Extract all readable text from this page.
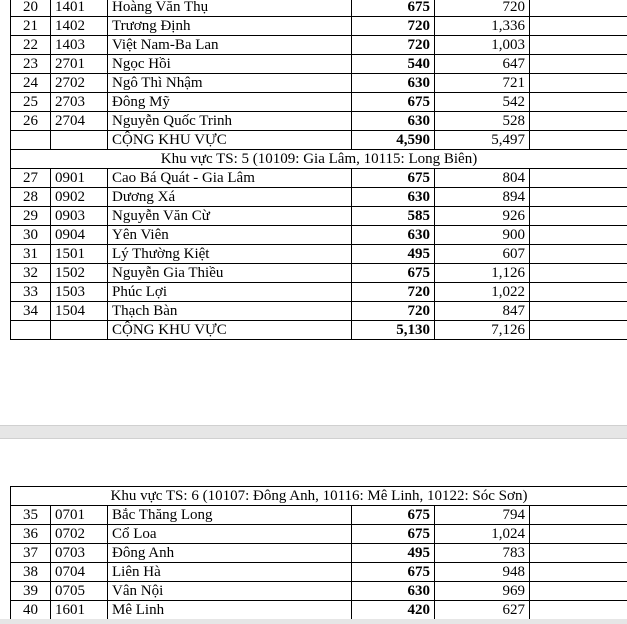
20	1401	Hoàng Văn Thụ	675	720	
21	1402	Trương Định	720	1,336	
22	1403	Việt Nam-Ba Lan	720	1,003	
23	2701	Ngọc Hồi	540	647	
24	2702	Ngô Thì Nhậm	630	721	
25	2703	Đông Mỹ	675	542	
26	2704	Nguyễn Quốc Trinh	630	528	
		CỘNG KHU VỰC	4,590	5,497	
Khu vực TS: 5 (10109: Gia Lâm, 10115: Long Biên)					
27	0901	Cao Bá Quát - Gia Lâm	675	804	
28	0902	Dương Xá	630	894	
29	0903	Nguyễn Văn Cừ	585	926	
30	0904	Yên Viên	630	900	
31	1501	Lý Thường Kiệt	495	607	
32	1502	Nguyễn Gia Thiều	675	1,126	
33	1503	Phúc Lợi	720	1,022	
34	1504	Thạch Bàn	720	847	
		CỘNG KHU VỰC	5,130	7,126	
Khu vực TS: 6 (10107: Đông Anh, 10116: Mê Linh, 10122: Sóc Sơn)					
35	0701	Bắc Thăng Long	675	794	
36	0702	Cổ Loa	675	1,024	
37	0703	Đông Anh	495	783	
38	0704	Liên Hà	675	948	
39	0705	Vân Nội	630	969	
40	1601	Mê Linh	420	627	
